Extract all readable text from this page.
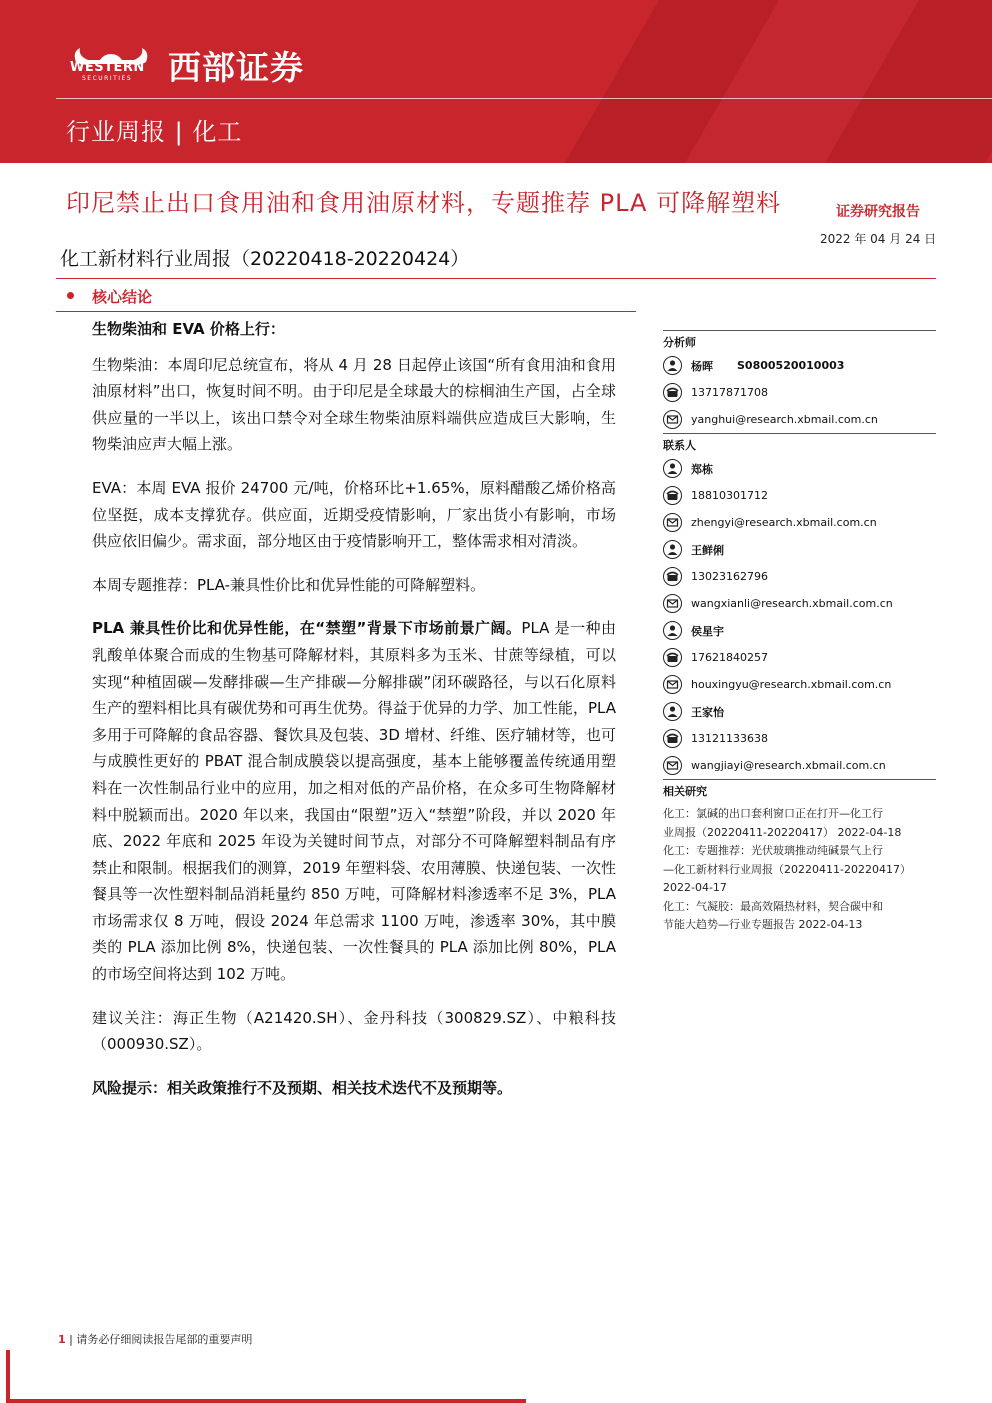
WESTERN
SECURITIES 西部证券
行业周报 | 化工
印尼禁止出口食用油和食用油原材料，专题推荐 PLA 可降解塑料	证券研究报告
2022 年 04 月 24 日
化工新材料行业周报（20220418-20220424）
核心结论

生物柴油和 EVA 价格上行：

生物柴油：本周印尼总统宣布，将从 4 月 28 日起停止该国“所有食用油和食用油原材料”出口，恢复时间不明。由于印尼是全球最大的棕榈油生产国，占全球供应量的一半以上，该出口禁令对全球生物柴油原料端供应造成巨大影响，生物柴油应声大幅上涨。

EVA：本周 EVA 报价 24700 元/吨，价格环比+1.65%，原料醋酸乙烯价格高位坚挺，成本支撑犹存。供应面，近期受疫情影响，厂家出货小有影响，市场供应依旧偏少。需求面，部分地区由于疫情影响开工，整体需求相对清淡。

本周专题推荐：PLA-兼具性价比和优异性能的可降解塑料。

PLA 兼具性价比和优异性能，在“禁塑”背景下市场前景广阔。PLA 是一种由乳酸单体聚合而成的生物基可降解材料，其原料多为玉米、甘蔗等绿植，可以实现“种植固碳—发酵排碳—生产排碳—分解排碳”闭环碳路径，与以石化原料生产的塑料相比具有碳优势和可再生优势。得益于优异的力学、加工性能，PLA 多用于可降解的食品容器、餐饮具及包装、3D 增材、纤维、医疗辅材等，也可与成膜性更好的 PBAT 混合制成膜袋以提高强度，基本上能够覆盖传统通用塑料在一次性制品行业中的应用，加之相对低的产品价格，在众多可生物降解材料中脱颖而出。2020 年以来，我国由“限塑”迈入“禁塑”阶段，并以 2020 年底、2022 年底和 2025 年设为关键时间节点，对部分不可降解塑料制品有序禁止和限制。根据我们的测算，2019 年塑料袋、农用薄膜、快递包装、一次性餐具等一次性塑料制品消耗量约 850 万吨，可降解材料渗透率不足 3%，PLA 市场需求仅 8 万吨，假设 2024 年总需求 1100 万吨，渗透率 30%，其中膜类的 PLA 添加比例 8%，快递包装、一次性餐具的 PLA 添加比例 80%，PLA 的市场空间将达到 102 万吨。

建议关注：海正生物（A21420.SH）、金丹科技（300829.SZ）、中粮科技（000930.SZ）。

风险提示：相关政策推行不及预期、相关技术迭代不及预期等。

分析师
杨晖 S0800520010003
13717871708
yanghui@research.xbmail.com.cn
联系人
郑栋
18810301712
zhengyi@research.xbmail.com.cn
王鲜俐
13023162796
wangxianli@research.xbmail.com.cn
侯星宇
17621840257
houxingyu@research.xbmail.com.cn
王家怡
13121133638
wangjiayi@research.xbmail.com.cn
相关研究
化工：氯碱的出口套利窗口正在打开—化工行
业周报（20220411-20220417） 2022-04-18
化工：专题推荐：光伏玻璃推动纯碱景气上行
—化工新材料行业周报（20220411-20220417）
2022-04-17
化工：气凝胶：最高效隔热材料，契合碳中和
节能大趋势—行业专题报告 2022-04-13
1 | 请务必仔细阅读报告尾部的重要声明
